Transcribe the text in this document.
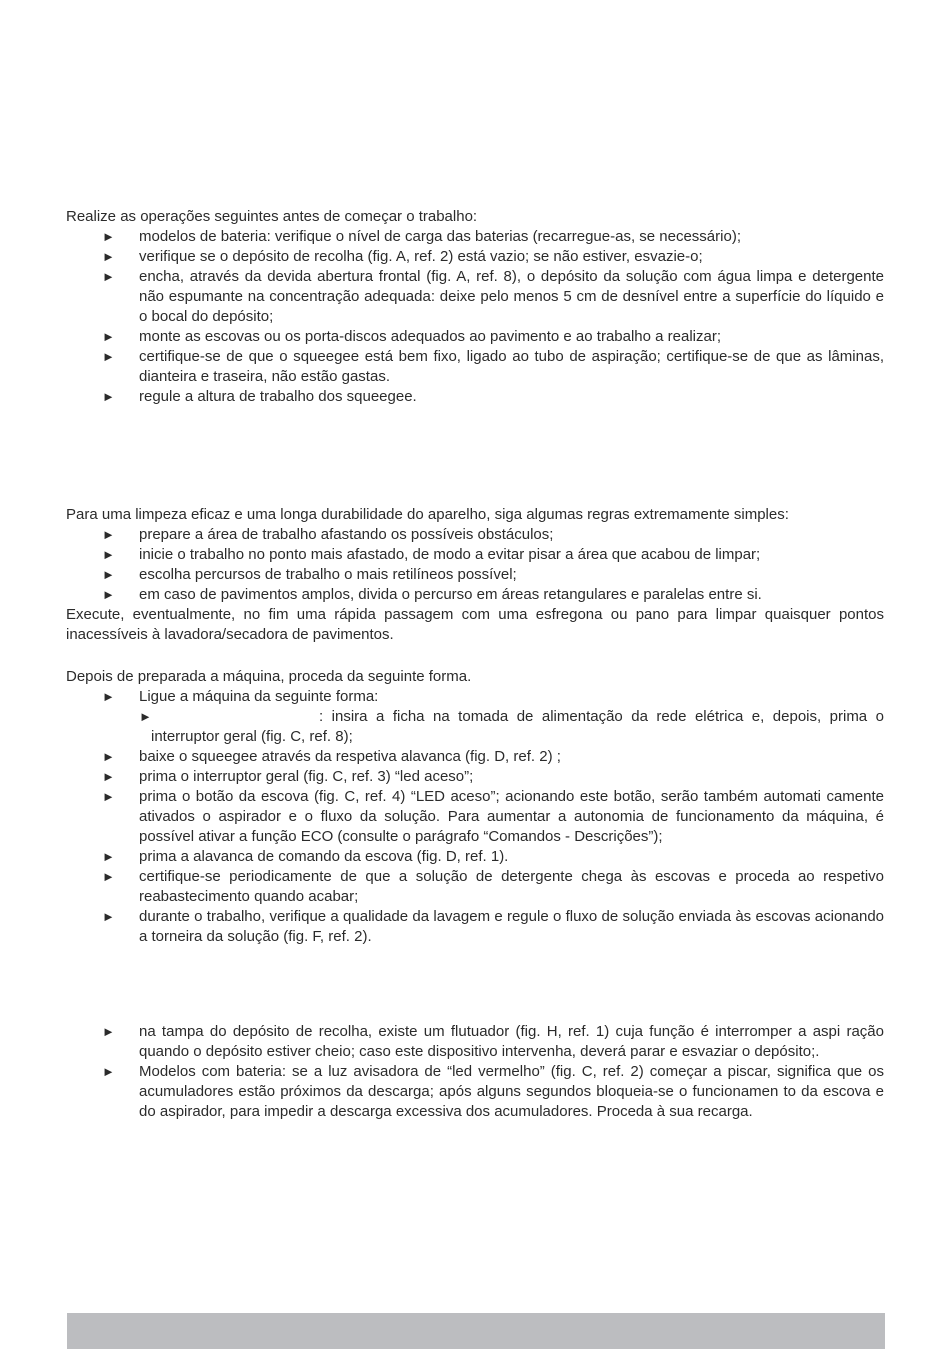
Realize as operações seguintes antes de começar o trabalho:

► modelos de bateria: verifique o nível de carga das baterias (recarregue-as, se necessário);
► verifique se o depósito de recolha (fig. A, ref. 2) está vazio; se não estiver, esvazie-o;
► encha, através da devida abertura frontal (fig. A, ref. 8), o depósito da solução com água limpa e detergente não espumante na concentração adequada: deixe pelo menos 5 cm de desnível entre a superfície do líquido e o bocal do depósito;
► monte as escovas ou os porta-discos adequados ao pavimento e ao trabalho a realizar;
► certifique-se de que o squeegee está bem fixo, ligado ao tubo de aspiração; certifique-se de que as lâminas, dianteira e traseira, não estão gastas.
► regule a altura de trabalho dos squeegee.

Para uma limpeza eficaz e uma longa durabilidade do aparelho, siga algumas regras extremamente simples:

► prepare a área de trabalho afastando os possíveis obstáculos;
► inicie o trabalho no ponto mais afastado, de modo a evitar pisar a área que acabou de limpar;
► escolha percursos de trabalho o mais retilíneos possível;
► em caso de pavimentos amplos, divida o percurso em áreas retangulares e paralelas entre si.

Execute, eventualmente, no fim uma rápida passagem com uma esfregona ou pano para limpar quaisquer pontos inacessíveis à lavadora/secadora de pavimentos.

Depois de preparada a máquina, proceda da seguinte forma.

► Ligue a máquina da seguinte forma:
►	: insira a ficha na tomada de alimentação da rede elétrica e, depois, prima o interruptor geral (fig. C, ref. 8);
► baixe o squeegee através da respetiva alavanca (fig. D, ref. 2) ;
► prima o interruptor geral (fig. C, ref. 3) “led aceso”;
► prima o botão da escova (fig. C, ref. 4) “LED aceso”; acionando este botão, serão também automati camente ativados o aspirador e o fluxo da solução. Para aumentar a autonomia de funcionamento da máquina, é possível ativar a função ECO (consulte o parágrafo “Comandos - Descrições”);
► prima a alavanca de comando da escova (fig. D, ref. 1).
► certifique-se periodicamente de que a solução de detergente chega às escovas e proceda ao respetivo reabastecimento quando acabar;
► durante o trabalho, verifique a qualidade da lavagem e regule o fluxo de solução enviada às escovas acionando a torneira da solução (fig. F, ref. 2).
► na tampa do depósito de recolha, existe um flutuador (fig. H, ref. 1) cuja função é interromper a aspi ração quando o depósito estiver cheio; caso este dispositivo intervenha, deverá parar e esvaziar o depósito;.
► Modelos com bateria: se a luz avisadora de “led vermelho” (fig. C, ref. 2) começar a piscar, significa que os acumuladores estão próximos da descarga; após alguns segundos bloqueia-se o funcionamen to da escova e do aspirador, para impedir a descarga excessiva dos acumuladores. Proceda à sua recarga.
